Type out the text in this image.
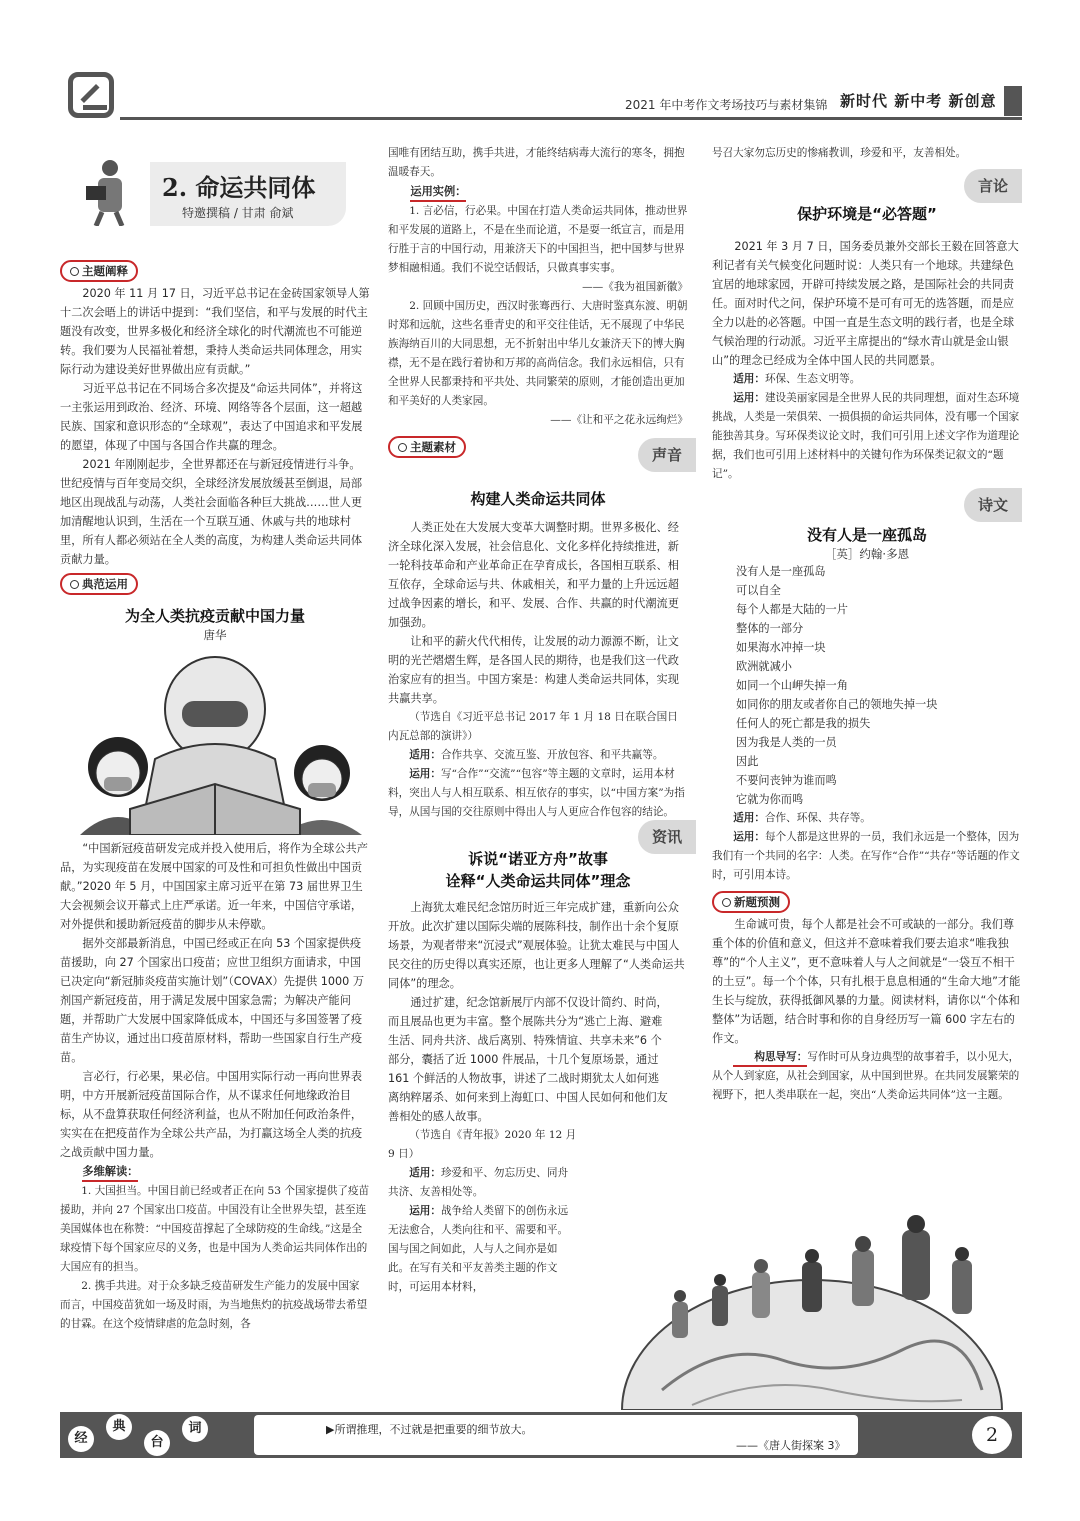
2021 年中考作文考场技巧与素材集锦 新时代 新中考 新创意
2. 命运共同体
特邀撰稿 / 甘肃 俞斌
主题阐释

2020 年 11 月 17 日，习近平总书记在金砖国家领导人第十二次会晤上的讲话中提到：“我们坚信，和平与发展的时代主题没有改变，世界多极化和经济全球化的时代潮流也不可能逆转。我们要为人民福祉着想，秉持人类命运共同体理念，用实际行动为建设美好世界做出应有贡献。”

习近平总书记在不同场合多次提及“命运共同体”，并将这一主张运用到政治、经济、环境、网络等各个层面，这一超越民族、国家和意识形态的“全球观”，表达了中国追求和平发展的愿望，体现了中国与各国合作共赢的理念。

2021 年刚刚起步，全世界都还在与新冠疫情进行斗争。世纪疫情与百年变局交织，全球经济发展放缓甚至倒退，局部地区出现战乱与动荡，人类社会面临各种巨大挑战……世人更加清醒地认识到，生活在一个互联互通、休戚与共的地球村里，所有人都必须站在全人类的高度，为构建人类命运共同体贡献力量。

典范运用
为全人类抗疫贡献中国力量
唐华

“中国新冠疫苗研发完成并投入使用后，将作为全球公共产品，为实现疫苗在发展中国家的可及性和可担负性做出中国贡献。”2020 年 5 月，中国国家主席习近平在第 73 届世界卫生大会视频会议开幕式上庄严承诺。近一年来，中国信守承诺，对外提供和援助新冠疫苗的脚步从未停歇。

据外交部最新消息，中国已经或正在向 53 个国家提供疫苗援助，向 27 个国家出口疫苗；应世卫组织方面请求，中国已决定向“新冠肺炎疫苗实施计划”（COVAX）先提供 1000 万剂国产新冠疫苗，用于满足发展中国家急需；为解决产能问题，并帮助广大发展中国家降低成本，中国还与多国签署了疫苗生产协议，通过出口疫苗原材料，帮助一些国家自行生产疫苗。

言必行，行必果，果必信。中国用实际行动一再向世界表明，中方开展新冠疫苗国际合作，从不谋求任何地缘政治目标，从不盘算获取任何经济利益，也从不附加任何政治条件，实实在在把疫苗作为全球公共产品，为打赢这场全人类的抗疫之战贡献中国力量。

多维解读：

1. 大国担当。中国目前已经或者正在向 53 个国家提供了疫苗援助，并向 27 个国家出口疫苗。中国没有让全世界失望，甚至连美国媒体也在称赞：“中国疫苗撑起了全球防疫的生命线。”这是全球疫情下每个国家应尽的义务，也是中国为人类命运共同体作出的大国应有的担当。

2. 携手共进。对于众多缺乏疫苗研发生产能力的发展中国家而言，中国疫苗犹如一场及时雨，为当地焦灼的抗疫战场带去希望的甘霖。在这个疫情肆虐的危急时刻，各

国唯有团结互助，携手共进，才能终结病毒大流行的寒冬，拥抱温暖春天。

运用实例：

1. 言必信，行必果。中国在打造人类命运共同体，推动世界和平发展的道路上，不是在坐而论道，不是耍一纸宣言，而是用行胜于言的中国行动，用兼济天下的中国担当，把中国梦与世界梦相融相通。我们不说空话假话，只做真事实事。

——《我为祖国新徽》

2. 回顾中国历史，西汉时张骞西行、大唐时鉴真东渡、明朝时郑和远航，这些名垂青史的和平交往佳话，无不展现了中华民族海纳百川的大同思想，无不折射出中华儿女兼济天下的博大胸襟，无不是在践行着协和万邦的高尚信念。我们永远相信，只有全世界人民都秉持和平共处、共同繁荣的原则，才能创造出更加和平美好的人类家园。

——《让和平之花永远绚烂》

主题素材	声音
构建人类命运共同体

人类正处在大发展大变革大调整时期。世界多极化、经济全球化深入发展，社会信息化、文化多样化持续推进，新一轮科技革命和产业革命正在孕育成长，各国相互联系、相互依存，全球命运与共、休戚相关，和平力量的上升远远超过战争因素的增长，和平、发展、合作、共赢的时代潮流更加强劲。

让和平的薪火代代相传，让发展的动力源源不断，让文明的光芒熠熠生辉，是各国人民的期待，也是我们这一代政治家应有的担当。中国方案是：构建人类命运共同体，实现共赢共享。

（节选自《习近平总书记 2017 年 1 月 18 日在联合国日内瓦总部的演讲》）

适用：合作共享、交流互鉴、开放包容、和平共赢等。

运用：写“合作”“交流”“包容”等主题的文章时，运用本材料，突出人与人相互联系、相互依存的事实，以“中国方案”为指导，从国与国的交往原则中得出人与人更应合作包容的结论。

资讯
诉说“诺亚方舟”故事
诠释“人类命运共同体”理念

上海犹太难民纪念馆历时近三年完成扩建，重新向公众开放。此次扩建以国际尖端的展陈科技，制作出十余个复原场景，为观者带来“沉浸式”观展体验。让犹太难民与中国人民交往的历史得以真实还原，也让更多人理解了“人类命运共同体”的理念。

通过扩建，纪念馆新展厅内部不仅设计简约、时尚，而且展品也更为丰富。整个展陈共分为“逃亡上海、避难生活、同舟共济、战后离别、特殊情谊、共享未来”6 个部分，囊括了近 1000 件展品，十几个复原场景，通过 161 个鲜活的人物故事，讲述了二战时期犹太人如何逃离纳粹屠杀、如何来到上海虹口、中国人民如何和他们友善相处的感人故事。

（节选自《青年报》2020 年 12 月 9 日）

适用：珍爱和平、勿忘历史、同舟共济、友善相处等。

运用：战争给人类留下的创伤永远无法愈合，人类向往和平、需要和平。国与国之间如此，人与人之间亦是如此。在写有关和平友善类主题的作文时，可运用本材料，

号召大家勿忘历史的惨痛教训，珍爱和平，友善相处。

言论
保护环境是“必答题”

2021 年 3 月 7 日，国务委员兼外交部长王毅在回答意大利记者有关气候变化问题时说：人类只有一个地球。共建绿色宜居的地球家园，开辟可持续发展之路，是国际社会的共同责任。面对时代之问，保护环境不是可有可无的选答题，而是应全力以赴的必答题。中国一直是生态文明的践行者，也是全球气候治理的行动派。习近平主席提出的“绿水青山就是金山银山”的理念已经成为全体中国人民的共同愿景。

适用：环保、生态文明等。

运用：建设美丽家园是全世界人民的共同理想，面对生态环境挑战，人类是一荣俱荣、一损俱损的命运共同体，没有哪一个国家能独善其身。写环保类议论文时，我们可引用上述文字作为道理论据，我们也可引用上述材料中的关键句作为环保类记叙文的“题记”。

诗文
没有人是一座孤岛
［英］约翰·多恩

没有人是一座孤岛

可以自全

每个人都是大陆的一片

整体的一部分

如果海水冲掉一块

欧洲就减小

如同一个山岬失掉一角

如同你的朋友或者你自己的领地失掉一块

任何人的死亡都是我的损失

因为我是人类的一员

因此

不要问丧钟为谁而鸣

它就为你而鸣

适用：合作、环保、共存等。

运用：每个人都是这世界的一员，我们永远是一个整体，因为我们有一个共同的名字：人类。在写作“合作”“共存”等话题的作文时，可引用本诗。

新题预测

生命诚可贵，每个人都是社会不可或缺的一部分。我们尊重个体的价值和意义，但这并不意味着我们要去追求“唯我独尊”的“个人主义”，更不意味着人与人之间就是“一袋互不相干的土豆”。每一个个体，只有扎根于息息相通的“生命大地”才能生长与绽放，获得抵御风暴的力量。阅读材料，请你以“个体和整体”为话题，结合时事和你的自身经历写一篇 600 字左右的作文。

构思导写：写作时可从身边典型的故事着手，以小见大，从个人到家庭，从社会到国家，从中国到世界。在共同发展繁荣的视野下，把人类串联在一起，突出“人类命运共同体”这一主题。

经
典
台
词	▶所谓推理，不过就是把重要的细节放大。
——《唐人街探案 3》	2
